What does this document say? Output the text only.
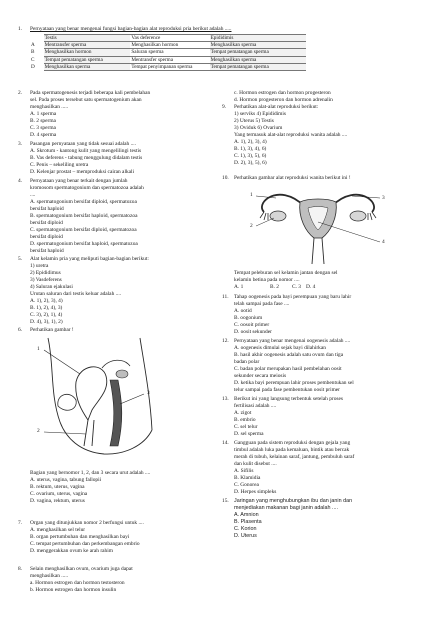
1. Pernyataan yang benar mengenai fungsi bagian-bagian alat reproduksi pria berikut adalah .....
	Testis	Vas deference	Epididimis
A	Mentransfer sperma	Menghasilkan hormon	Menghasilkan sperma
B	Menghasilkan hormon	Saluran sperma	Tempat pematangan sperma
C	Tempat pematangan sperma	Mentransfer sperma	Menghasilkan sperma
D	Menghasilkan sperma	Tempat penyimpanan sperma	Tempat pematangan sperma
2. Pada spermatogenesis terjadi beberapa kali pembelahan
sel. Pada proses tersebut satu spermatogenium akan
menghasilkan .....
A. 1 sperma
B. 2 sperma
C. 3 sperma
D. 4 sperma
3. Pasangan pernyataan yang tidak sesuai adalah ....
A. Skrotum - kantong kulit yang mengelilingi testis
B. Vas deferens - tabung menggulung didalam testis
C. Penis – sekeliling uretra
D. Kelenjar prostat – memproduksi cairan alkali
4. Pernyataan yang benar terkait dengan jumlah
kromosom spermatogonium dan spermatozoa adalah
....
A. spermatogonium bersifat diploid, spermatozoa
bersifat haploid
B. spermatogonium bersifat haploid, spermatozoa
bersifat diploid
C. spermatogonium bersifat diploid, spermatozoa
bersifat diploid
D. spermatogonium bersifat haploid, spermatozoa
bersifat haploid
5. Alat kelamin pria yang meliputi bagian-bagian berikut:
1) uretra
2) Epididimus
3) Vasdeferens
4) Saluran ejakulasi
Urutan saluran dari testis keluar adalah ....
A. 1), 2), 3), 4)
B. 1), 2), 4), 3)
C. 3), 2), 1), 4)
D. 4), 3), 1), 2)
6. Perhatikan gambar !
1
2
3
Bagian yang bernomor 1, 2, dan 3 secara urut adalah ....
A. uterus, vagina, tabung fallopii
B. rektum, uterus, vagina
C. ovarium, uterus, vagina
D. vagina, rektum, uterus
7. Organ yang ditunjukkan nomor 2 berfungsi untuk ....
A. menghasilkan sel telur
B. organ pertumbuhan dan menghasilkan bayi
C. tempat pertumbuhan dan perkembangan embrio
D. menggerakkan ovum ke arah rahim
8. Selain menghasilkan ovum, ovarium juga dapat
menghasilkan .....
a. Hormon estrogen dan hormon testosteron
b. Hormon estrogen dan hormon insulin
c. Hormon estrogen dan hormon progesteron
d. Hormon progesteron dan hormon adrenalin
9. Perhatikan alat-alat reproduksi berikut:
1) serviks 4) Epididimis
2) Uterus 5) Testis
3) Oviduk 6) Ovarium
Yang termasuk alat-alat reproduksi wanita adalah ....
A. 1), 2), 3), 4)
B. 1), 3), 4), 6)
C. 1), 3), 5), 6)
D. 2), 3), 5), 6)
10. Perhatikan gambar alat reproduksi wanita berikut ini !
1
2
3
4
Tempat peleburan sel kelamin jantan dengan sel
kelamin betina pada nomor ....
A. 1	B. 2 C. 3 D. 4
11. Tahap oogenesis pada bayi perempuan yang baru lahir
telah sampai pada fase ....
A. ootid
B. oogonium
C. oosoit primer
D. oosit sekunder
12. Pernyataan yang benar mengenai oogenesis adalah ....
A. oogenesis dimulai sejak bayi dilahirkan
B. hasil akhir oogenesis adalah satu ovum dan tiga
badan polar
C. badan polar merupakan hasil pembelahan oosit
sekunder secara meiosis
D. ketika bayi perempuan lahir proses pembentukan sel
telur sampai pada fase pembentukan oosit primer
13. Berikut ini yang langsung terbentuk setelah proses
fertilisasi adalah ....
A. zigot
B. embrio
C. sel telur
D. sel sperma
14. Gangguan pada sistem reproduksi dengan gejala yang
timbul adalah luka pada kemaluan, bintik atau bercak
merah di tubuh, kelainan saraf, jantung, pembuluh saraf
dan kulit disebut ....
A. Sifilis
B. Klamidia
C. Gonorea
D. Herpes simpleks
15. Jaringan yang menghubungkan ibu dan janin dan
menjediakan makanan bagi janin adalah ....
A. Amnion
B. Plasenta
C. Korion
D. Uterus
